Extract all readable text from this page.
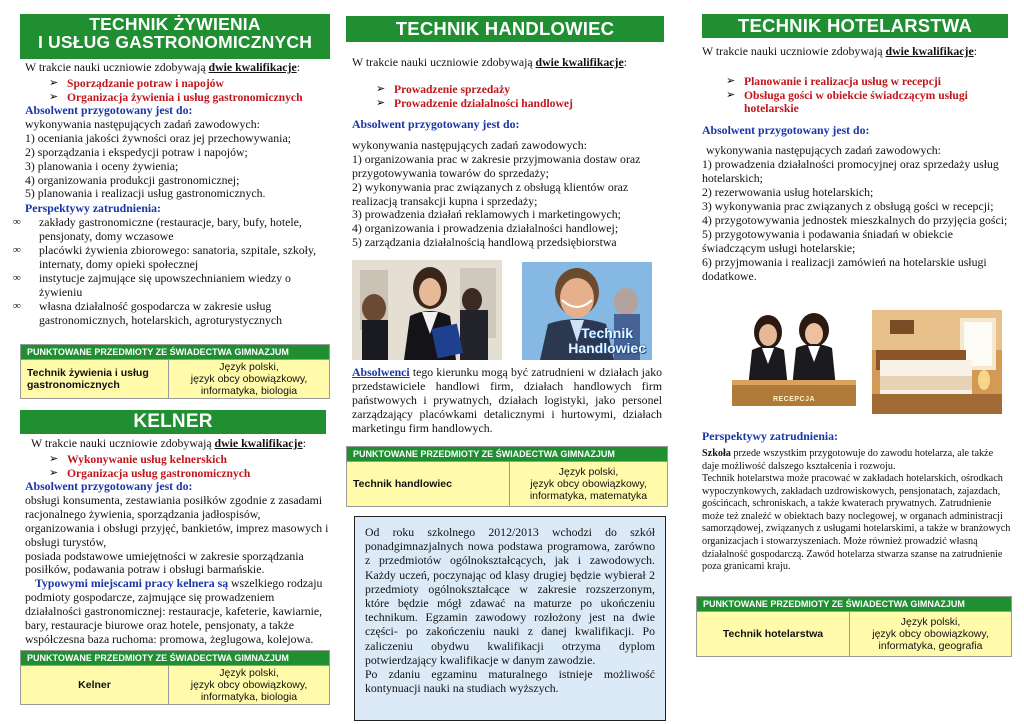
TECHNIK ŻYWIENIA
I USŁUG GASTRONOMICZNYCH

W trakcie nauki uczniowie zdobywają dwie kwalifikacje:

➢ Sporządzanie potraw i napojów
➢ Organizacja żywienia i usług gastronomicznych

Absolwent przygotowany jest do:

wykonywania następujących zadań zawodowych:

1) oceniania jakości żywności oraz jej przechowywania;

2) sporządzania i ekspedycji potraw i napojów;

3) planowania i oceny żywienia;

4) organizowania produkcji gastronomicznej;

5) planowania i realizacji usług gastronomicznych.

Perspektywy zatrudnienia:

∞ zakłady gastronomiczne (restauracje, bary, bufy, hotele, pensjonaty, domy wczasowe
∞ placówki żywienia zbiorowego: sanatoria, szpitale, szkoły, internaty, domy opieki społecznej
∞ instytucje zajmujące się upowszechnianiem wiedzy o żywieniu
∞ własna działalność gospodarcza w zakresie usług gastronomicznych, hotelarskich, agroturystycznych
PUNKTOWANE PRZEDMIOTY ZE ŚWIADECTWA GIMNAZJUM
Technik żywienia i usług gastronomicznych	
Język polski,
język obcy obowiązkowy,
informatyka, biologia
KELNER

W trakcie nauki uczniowie zdobywają dwie kwalifikacje:

➢ Wykonywanie usług kelnerskich
➢ Organizacja usług gastronomicznych

Absolwent przygotowany jest do:

obsługi konsumenta, zestawiania posiłków zgodnie z zasadami racjonalnego żywienia, sporządzania jadłospisów, organizowania i obsługi przyjęć, bankietów, imprez masowych i obsługi turystów,

posiada podstawowe umiejętności w zakresie sporządzania posiłków, podawania potraw i obsługi barmańskie.

Typowymi miejscami pracy kelnera są wszelkiego rodzaju podmioty gospodarcze, zajmujące się prowadzeniem działalności gastronomicznej: restauracje, kafeterie, kawiarnie, bary, restauracje biurowe oraz hotele, pensjonaty, a także współczesna baza ruchoma: promowa, żeglugowa, kolejowa.

PUNKTOWANE PRZEDMIOTY ZE ŚWIADECTWA GIMNAZJUM
Kelner	
Język polski,
język obcy obowiązkowy,
informatyka, biologia
TECHNIK HANDLOWIEC

W trakcie nauki uczniowie zdobywają dwie kwalifikacje:

➢ Prowadzenie sprzedaży
➢ Prowadzenie działalności handlowej

Absolwent przygotowany jest do:

wykonywania następujących zadań zawodowych:

1) organizowania prac w zakresie przyjmowania dostaw oraz przygotowywania towarów do sprzedaży;

2) wykonywania prac związanych z obsługą klientów oraz realizacją transakcji kupna i sprzedaży;

3) prowadzenia działań reklamowych i marketingowych;

4) organizowania i prowadzenia działalności handlowej;

5) zarządzania działalnością handlową przedsiębiorstwa

Technik
Handlowiec

Absolwenci tego kierunku mogą być zatrudnieni w działach jako przedstawiciele handlowi firm, działach handlowych firm państwowych i prywatnych, działach logistyki, jako personel zarządzający placówkami detalicznymi i hurtowymi, działach marketingu firm handlowych.

PUNKTOWANE PRZEDMIOTY ZE ŚWIADECTWA GIMNAZJUM
Technik handlowiec	
Język polski,
język obcy obowiązkowy,
informatyka, matematyka
Od roku szkolnego 2012/2013 wchodzi do szkół ponadgimnazjalnych nowa podstawa programowa, zarówno z przedmiotów ogólnokształcących, jak i zawodowych. Każdy uczeń, poczynając od klasy drugiej będzie wybierał 2 przedmioty ogólnokształcące w zakresie rozszerzonym, które będzie mógł zdawać na maturze po ukończeniu technikum. Egzamin zawodowy rozłożony jest na dwie części- po zakończeniu nauki z danej kwalifikacji. Po zaliczeniu obydwu kwalifikacji otrzyma dyplom potwierdzający kwalifikacje w danym zawodzie.
Po zdaniu egzaminu maturalnego istnieje możliwość kontynuacji nauki na studiach wyższych.
TECHNIK HOTELARSTWA

W trakcie nauki uczniowie zdobywają dwie kwalifikacje:

➢ Planowanie i realizacja usług w recepcji
➢ Obsługa gości w obiekcie świadczącym usługi hotelarskie

Absolwent przygotowany jest do:

wykonywania następujących zadań zawodowych:

1) prowadzenia działalności promocyjnej oraz sprzedaży usług hotelarskich;

2) rezerwowania usług hotelarskich;

3) wykonywania prac związanych z obsługą gości w recepcji;

4) przygotowywania jednostek mieszkalnych do przyjęcia gości;

5) przygotowywania i podawania śniadań w obiekcie świadczącym usługi hotelarskie;

6) przyjmowania i realizacji zamówień na hotelarskie usługi dodatkowe.

RECEPCJA

Perspektywy zatrudnienia:

Szkoła przede wszystkim przygotowuje do zawodu hotelarza, ale także daje możliwość dalszego kształcenia i rozwoju.

Technik hotelarstwa może pracować w zakładach hotelarskich, ośrodkach wypoczynkowych, zakładach uzdrowiskowych, pensjonatach, zajazdach, gościńcach, schroniskach, a także kwaterach prywatnych. Zatrudnienie może też znaleźć w obiektach bazy noclegowej, w organach administracji samorządowej, związanych z usługami hotelarskimi, a także w branżowych organizacjach i stowarzyszeniach. Może również prowadzić własną działalność gospodarczą. Zawód hotelarza stwarza szanse na zatrudnienie poza granicami kraju.

PUNKTOWANE PRZEDMIOTY ZE ŚWIADECTWA GIMNAZJUM
Technik hotelarstwa	
Język polski,
język obcy obowiązkowy,
informatyka, geografia
